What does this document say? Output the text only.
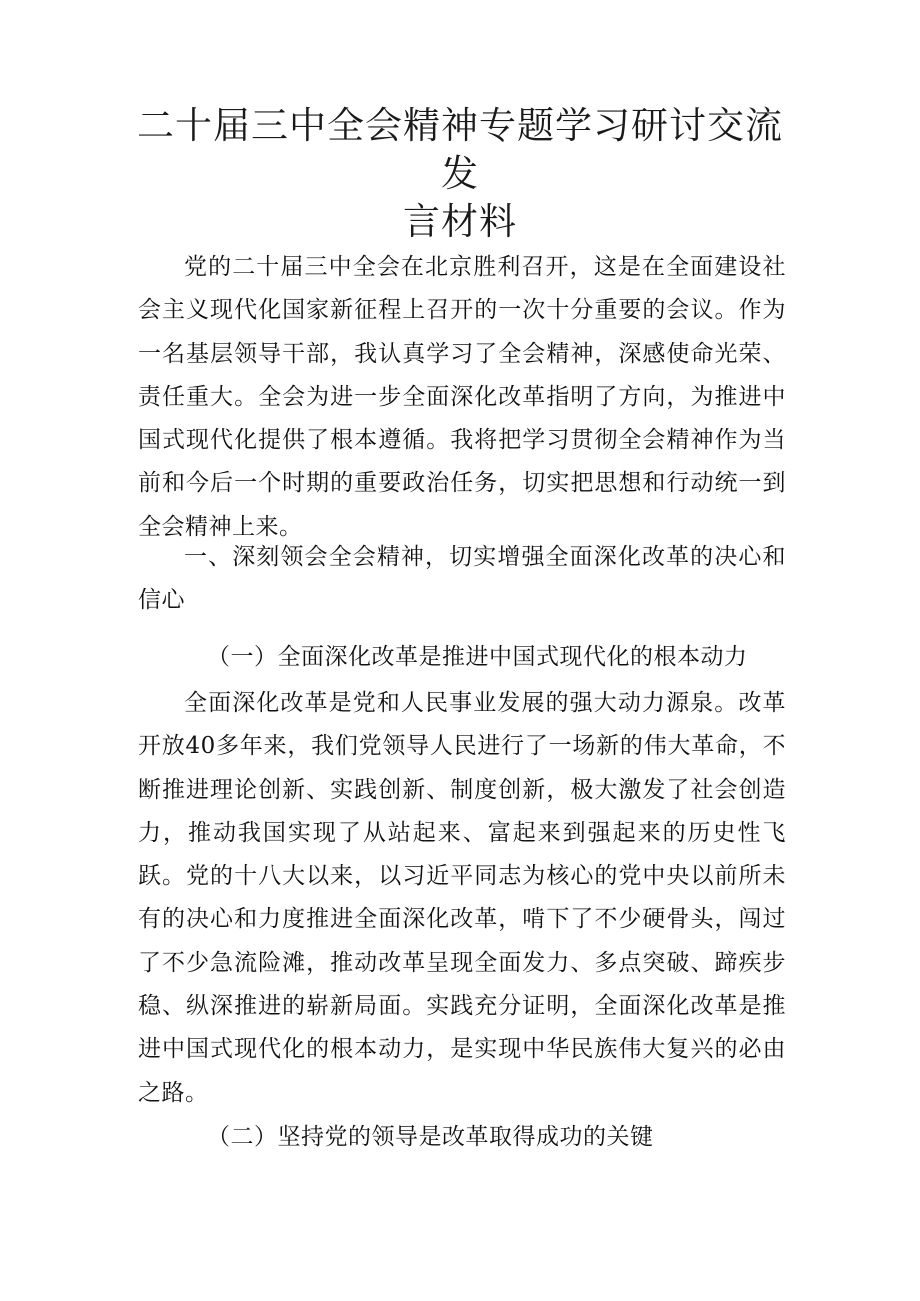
二十届三中全会精神专题学习研讨交流发
言材料

党的二十届三中全会在北京胜利召开，这是在全面建设社会主义现代化国家新征程上召开的一次十分重要的会议。作为一名基层领导干部，我认真学习了全会精神，深感使命光荣、责任重大。全会为进一步全面深化改革指明了方向，为推进中国式现代化提供了根本遵循。我将把学习贯彻全会精神作为当前和今后一个时期的重要政治任务，切实把思想和行动统一到全会精神上来。

一、深刻领会全会精神，切实增强全面深化改革的决心和信心

（一）全面深化改革是推进中国式现代化的根本动力

全面深化改革是党和人民事业发展的强大动力源泉。改革开放40多年来，我们党领导人民进行了一场新的伟大革命，不断推进理论创新、实践创新、制度创新，极大激发了社会创造力，推动我国实现了从站起来、富起来到强起来的历史性飞跃。党的十八大以来，以习近平同志为核心的党中央以前所未有的决心和力度推进全面深化改革，啃下了不少硬骨头，闯过了不少急流险滩，推动改革呈现全面发力、多点突破、蹄疾步稳、纵深推进的崭新局面。实践充分证明，全面深化改革是推进中国式现代化的根本动力，是实现中华民族伟大复兴的必由之路。

（二）坚持党的领导是改革取得成功的关键
